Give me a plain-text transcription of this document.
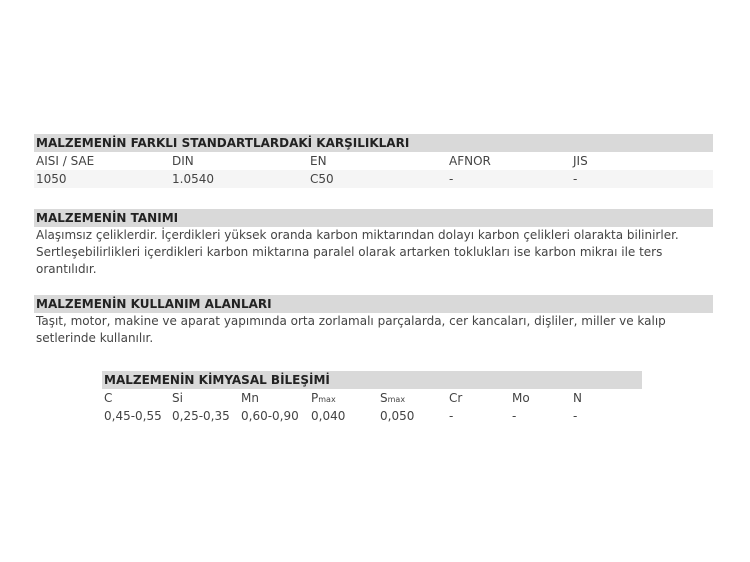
MALZEMENİN FARKLI STANDARTLARDAKİ KARŞILIKLARI
AISI / SAE	DIN	EN	AFNOR	JIS
1050	1.0540	C50	-	-
MALZEMENİN TANIMI
Alaşımsız çeliklerdir. İçerdikleri yüksek oranda karbon miktarından dolayı karbon çelikleri olarakta bilinirler.
Sertleşebilirlikleri içerdikleri karbon miktarına paralel olarak artarken toklukları ise karbon mikraı ile ters
orantılıdır.
MALZEMENİN KULLANIM ALANLARI
Taşıt, motor, makine ve aparat yapımında orta zorlamalı parçalarda, cer kancaları, dişliler, miller ve kalıp
setlerinde kullanılır.
MALZEMENİN KİMYASAL BİLEŞİMİ
C	Si	Mn	Pmax	Smax	Cr	Mo	N
0,45-0,55 0,25-0,35 0,60-0,90 0,040	0,050	-	-	-
